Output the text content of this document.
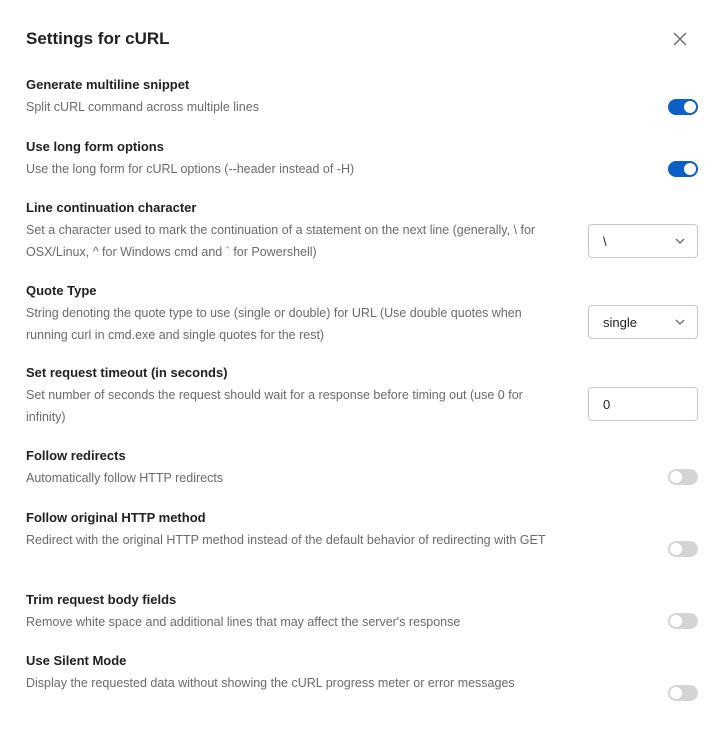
Settings for cURL
Generate multiline snippet
Split cURL command across multiple lines
Use long form options
Use the long form for cURL options (--header instead of -H)
Line continuation character
Set a character used to mark the continuation of a statement on the next line (generally, \ for OSX/Linux, ^ for Windows cmd and ` for Powershell)
\
Quote Type
String denoting the quote type to use (single or double) for URL (Use double quotes when running curl in cmd.exe and single quotes for the rest)
single
Set request timeout (in seconds)
Set number of seconds the request should wait for a response before timing out (use 0 for infinity)
0
Follow redirects
Automatically follow HTTP redirects
Follow original HTTP method
Redirect with the original HTTP method instead of the default behavior of redirecting with GET
Trim request body fields
Remove white space and additional lines that may affect the server's response
Use Silent Mode
Display the requested data without showing the cURL progress meter or error messages
